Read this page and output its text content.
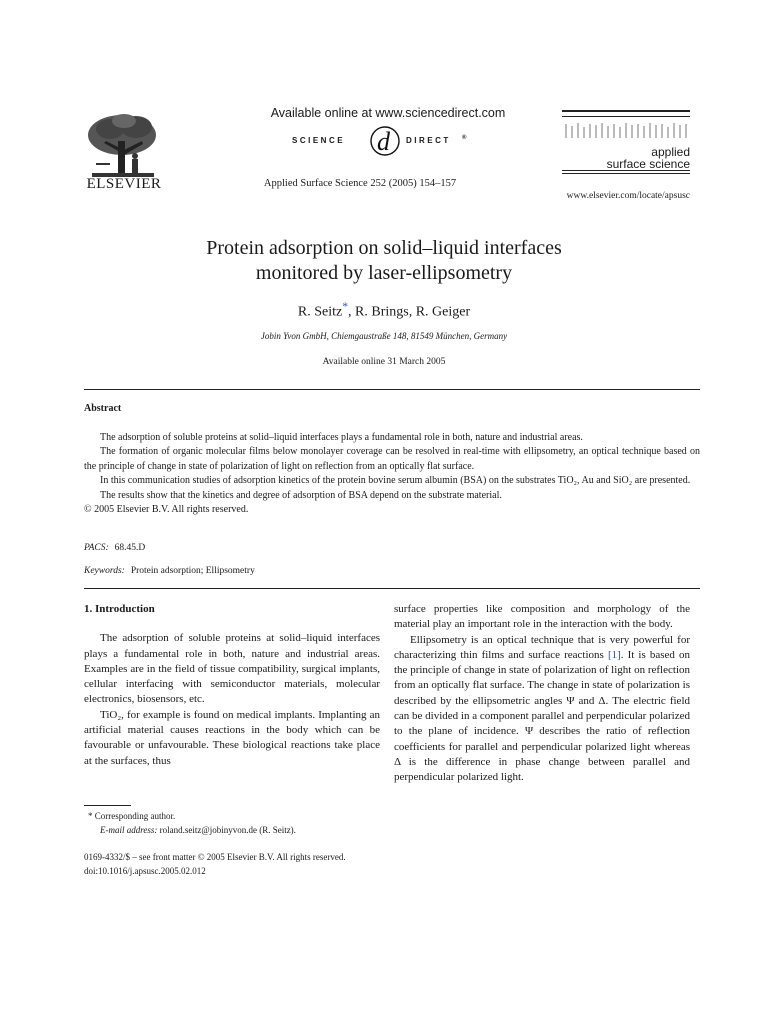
ELSEVIER
Available online at www.sciencedirect.com
SCIENCE d DIRECT ®
Applied Surface Science 252 (2005) 154–157
applied
surface science
www.elsevier.com/locate/apsusc
Protein adsorption on solid–liquid interfaces
monitored by laser-ellipsometry
R. Seitz*, R. Brings, R. Geiger
Jobin Yvon GmbH, Chiemgaustraße 148, 81549 München, Germany
Available online 31 March 2005
Abstract

The adsorption of soluble proteins at solid–liquid interfaces plays a fundamental role in both, nature and industrial areas.

The formation of organic molecular films below monolayer coverage can be resolved in real-time with ellipsometry, an optical technique based on the principle of change in state of polarization of light on reflection from an optically flat surface.

In this communication studies of adsorption kinetics of the protein bovine serum albumin (BSA) on the substrates TiO₂, Au and SiO₂ are presented.

The results show that the kinetics and degree of adsorption of BSA depend on the substrate material.

© 2005 Elsevier B.V. All rights reserved.

PACS: 68.45.D
Keywords: Protein adsorption; Ellipsometry

1. Introduction

The adsorption of soluble proteins at solid–liquid interfaces plays a fundamental role in both, nature and industrial areas. Examples are in the field of tissue compatibility, surgical implants, cellular interfacing with semiconductor materials, molecular electronics, biosensors, etc.

TiO₂, for example is found on medical implants. Implanting an artificial material causes reactions in the body which can be favourable or unfavourable. These biological reactions take place at the surfaces, thus

surface properties like composition and morphology of the material play an important role in the interaction with the body.

Ellipsometry is an optical technique that is very powerful for characterizing thin films and surface reactions [1]. It is based on the principle of change in state of polarization of light on reflection from an optically flat surface. The change in state of polarization is described by the ellipsometric angles Ψ and Δ. The electric field can be divided in a component parallel and perpendicular polarized to the plane of incidence. Ψ describes the ratio of reflection coefficients for parallel and perpendicular polarized light whereas Δ is the difference in phase change between parallel and perpendicular polarized light.

* Corresponding author.
E-mail address: roland.seitz@jobinyvon.de (R. Seitz).
0169-4332/$ – see front matter © 2005 Elsevier B.V. All rights reserved.
doi:10.1016/j.apsusc.2005.02.012
